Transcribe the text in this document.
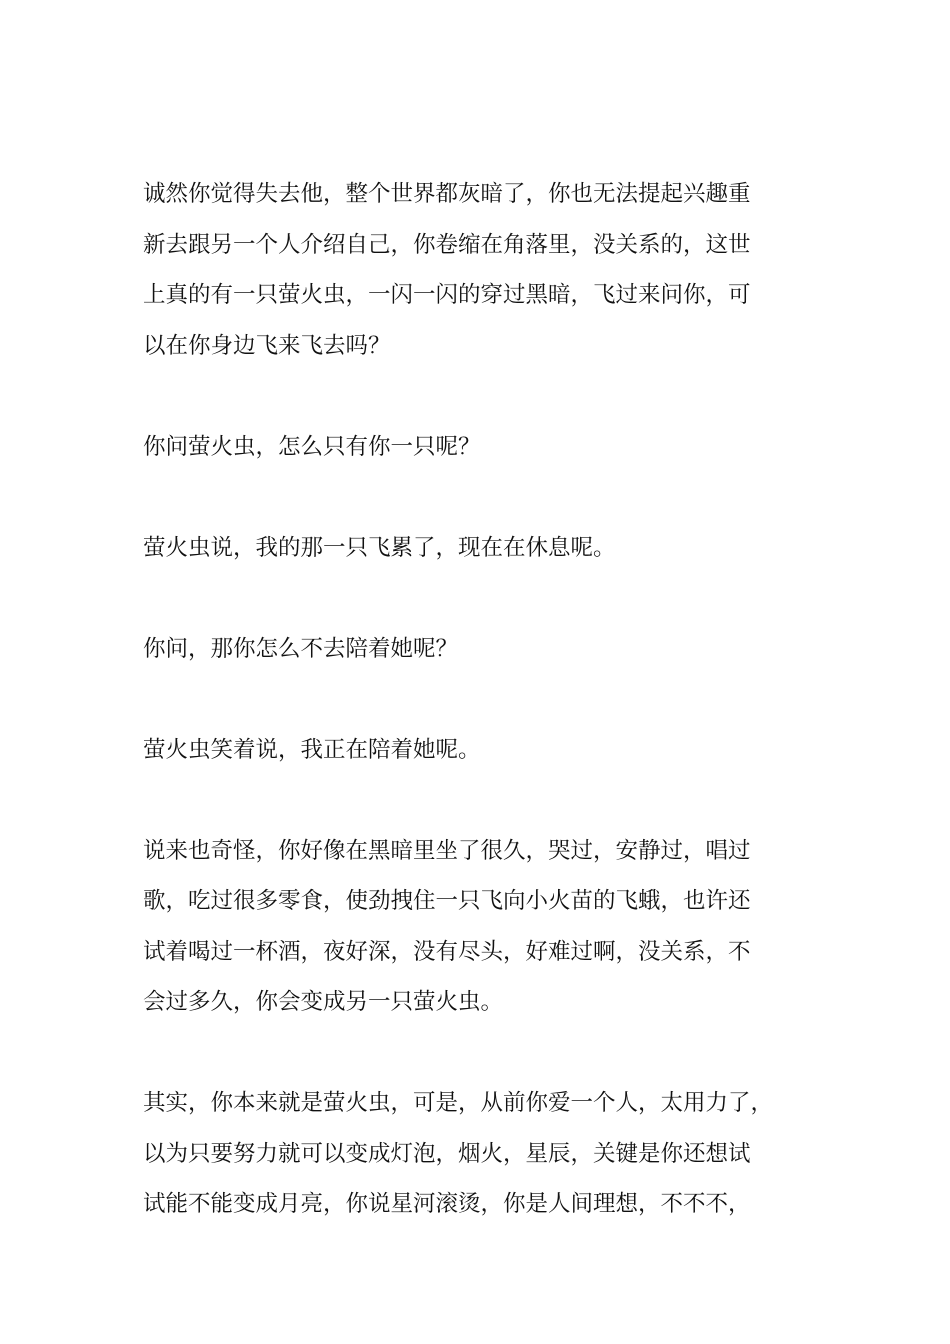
诚然你觉得失去他，整个世界都灰暗了，你也无法提起兴趣重
新去跟另一个人介绍自己，你卷缩在角落里，没关系的，这世
上真的有一只萤火虫，一闪一闪的穿过黑暗，飞过来问你，可
以在你身边飞来飞去吗？

你问萤火虫，怎么只有你一只呢？

萤火虫说，我的那一只飞累了，现在在休息呢。

你问，那你怎么不去陪着她呢？

萤火虫笑着说，我正在陪着她呢。

说来也奇怪，你好像在黑暗里坐了很久，哭过，安静过，唱过
歌，吃过很多零食，使劲拽住一只飞向小火苗的飞蛾，也许还
试着喝过一杯酒，夜好深，没有尽头，好难过啊，没关系，不
会过多久，你会变成另一只萤火虫。

其实，你本来就是萤火虫，可是，从前你爱一个人，太用力了，
以为只要努力就可以变成灯泡，烟火，星辰，关键是你还想试
试能不能变成月亮，你说星河滚烫，你是人间理想，不不不，
